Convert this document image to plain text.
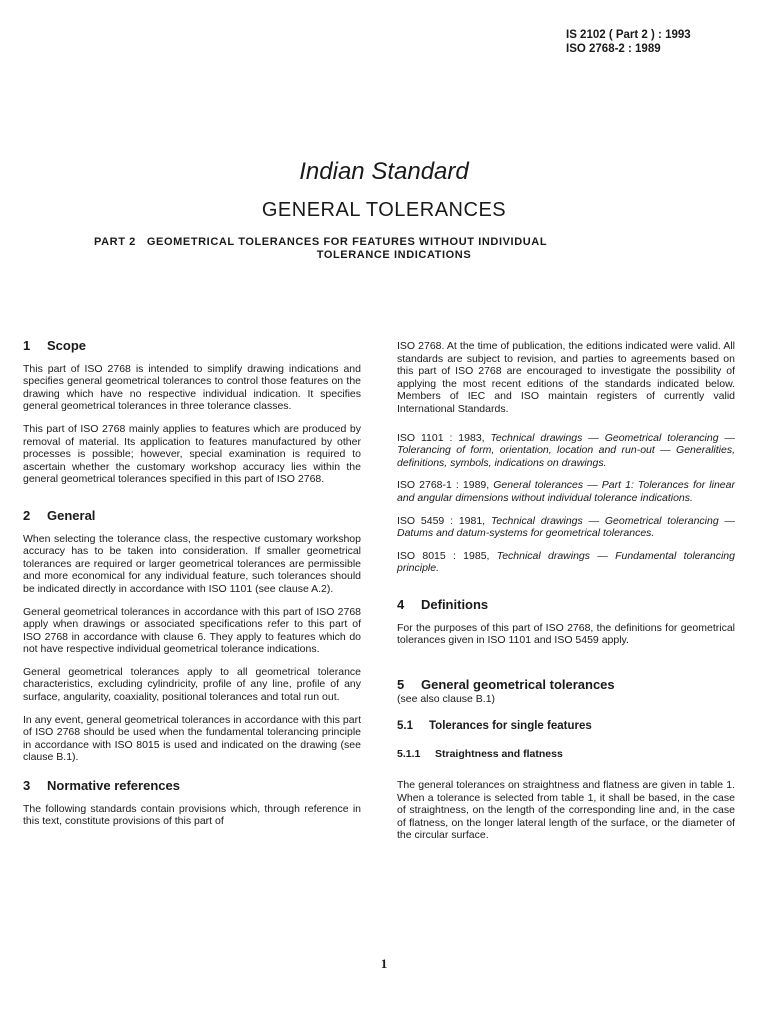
IS 2102 ( Part 2 ) : 1993
ISO 2768-2 : 1989
Indian Standard
GENERAL TOLERANCES
PART 2 GEOMETRICAL TOLERANCES FOR FEATURES WITHOUT INDIVIDUAL
TOLERANCE INDICATIONS
1 Scope

This part of ISO 2768 is intended to simplify drawing indications and specifies general geometrical tolerances to control those features on the drawing which have no respective individual indication. It specifies general geometrical tolerances in three tolerance classes.

This part of ISO 2768 mainly applies to features which are produced by removal of material. Its application to features manufactured by other processes is possible; however, special examination is required to ascertain whether the customary workshop accuracy lies within the general geometrical tolerances specified in this part of ISO 2768.

2 General

When selecting the tolerance class, the respective customary workshop accuracy has to be taken into consideration. If smaller geometrical tolerances are required or larger geometrical tolerances are permissible and more economical for any individual feature, such tolerances should be indicated directly in accordance with ISO 1101 (see clause A.2).

General geometrical tolerances in accordance with this part of ISO 2768 apply when drawings or associated specifications refer to this part of ISO 2768 in accordance with clause 6. They apply to features which do not have respective individual geometrical tolerance indications.

General geometrical tolerances apply to all geometrical tolerance characteristics, excluding cylindricity, profile of any line, profile of any surface, angularity, coaxiality, positional tolerances and total run out.

In any event, general geometrical tolerances in accordance with this part of ISO 2768 should be used when the fundamental tolerancing principle in accordance with ISO 8015 is used and indicated on the drawing (see clause B.1).

3 Normative references

The following standards contain provisions which, through reference in this text, constitute provisions of this part of

ISO 2768. At the time of publication, the editions indicated were valid. All standards are subject to revision, and parties to agreements based on this part of ISO 2768 are encouraged to investigate the possibility of applying the most recent editions of the standards indicated below. Members of IEC and ISO maintain registers of currently valid International Standards.

ISO 1101 : 1983, Technical drawings — Geometrical tolerancing — Tolerancing of form, orientation, location and run-out — Generalities, definitions, symbols, indications on drawings.

ISO 2768-1 : 1989, General tolerances — Part 1: Tolerances for linear and angular dimensions without individual tolerance indications.

ISO 5459 : 1981, Technical drawings — Geometrical tolerancing — Datums and datum-systems for geometrical tolerances.

ISO 8015 : 1985, Technical drawings — Fundamental tolerancing principle.

4 Definitions

For the purposes of this part of ISO 2768, the definitions for geometrical tolerances given in ISO 1101 and ISO 5459 apply.

5 General geometrical tolerances

(see also clause B.1)

5.1 Tolerances for single features
5.1.1 Straightness and flatness

The general tolerances on straightness and flatness are given in table 1. When a tolerance is selected from table 1, it shall be based, in the case of straightness, on the length of the corresponding line and, in the case of flatness, on the longer lateral length of the surface, or the diameter of the circular surface.

1
